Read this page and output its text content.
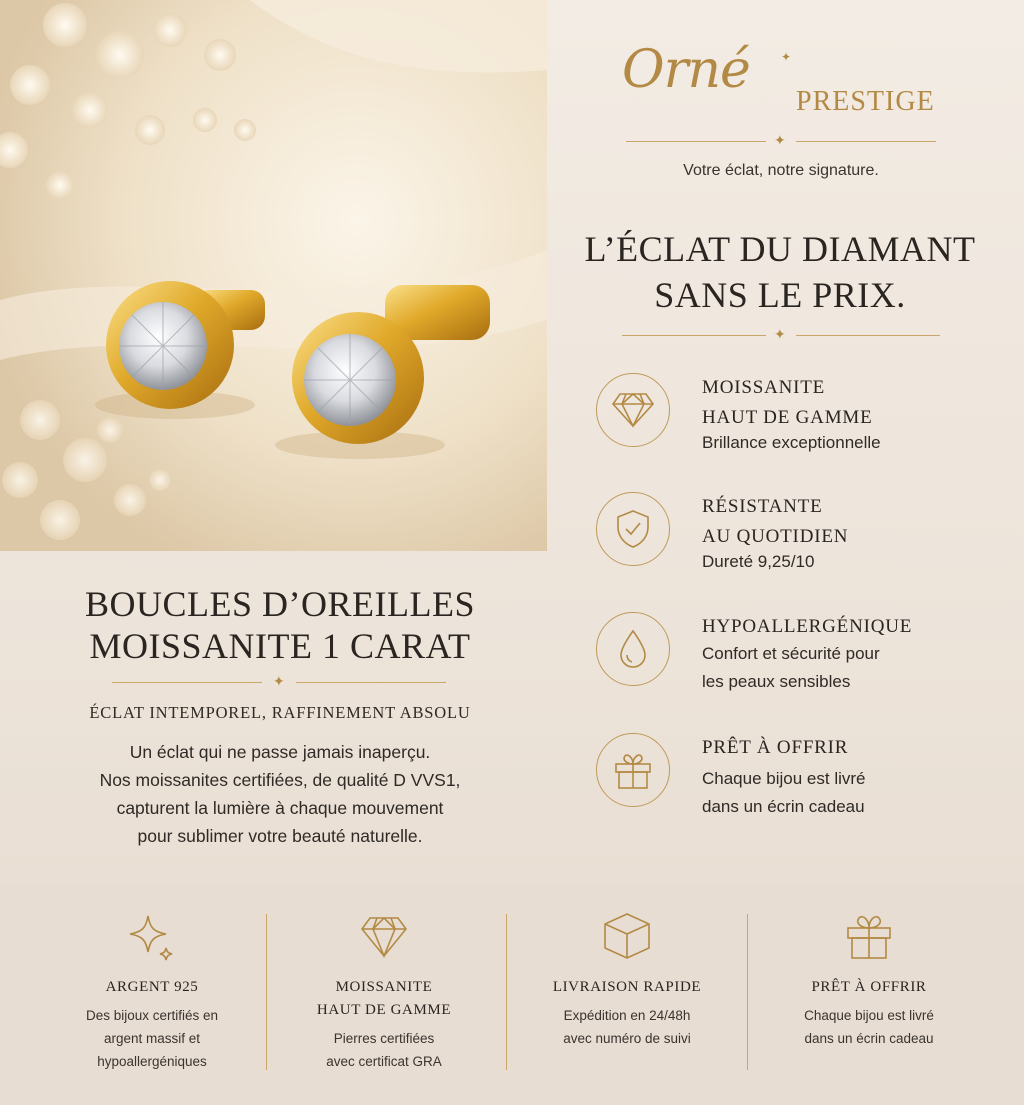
Orné	✦
PRESTIGE
✦
Votre éclat, notre signature.
L’ÉCLAT DU DIAMANT
SANS LE PRIX.
✦
MOISSANITE
HAUT DE GAMME
Brillance exceptionnelle
RÉSISTANTE
AU QUOTIDIEN
Dureté 9,25/10
HYPOALLERGÉNIQUE
Confort et sécurité pour
les peaux sensibles
PRÊT À OFFRIR
Chaque bijou est livré
dans un écrin cadeau
BOUCLES D’OREILLES
MOISSANITE 1 CARAT
✦
ÉCLAT INTEMPOREL, RAFFINEMENT ABSOLU
Un éclat qui ne passe jamais inaperçu.
Nos moissanites certifiées, de qualité D VVS1,
capturent la lumière à chaque mouvement
pour sublimer votre beauté naturelle.
ARGENT 925
Des bijoux certifiés en
argent massif et
hypoallergéniques
MOISSANITE
HAUT DE GAMME
Pierres certifiées
avec certificat GRA
LIVRAISON RAPIDE
Expédition en 24/48h
avec numéro de suivi
PRÊT À OFFRIR
Chaque bijou est livré
dans un écrin cadeau
